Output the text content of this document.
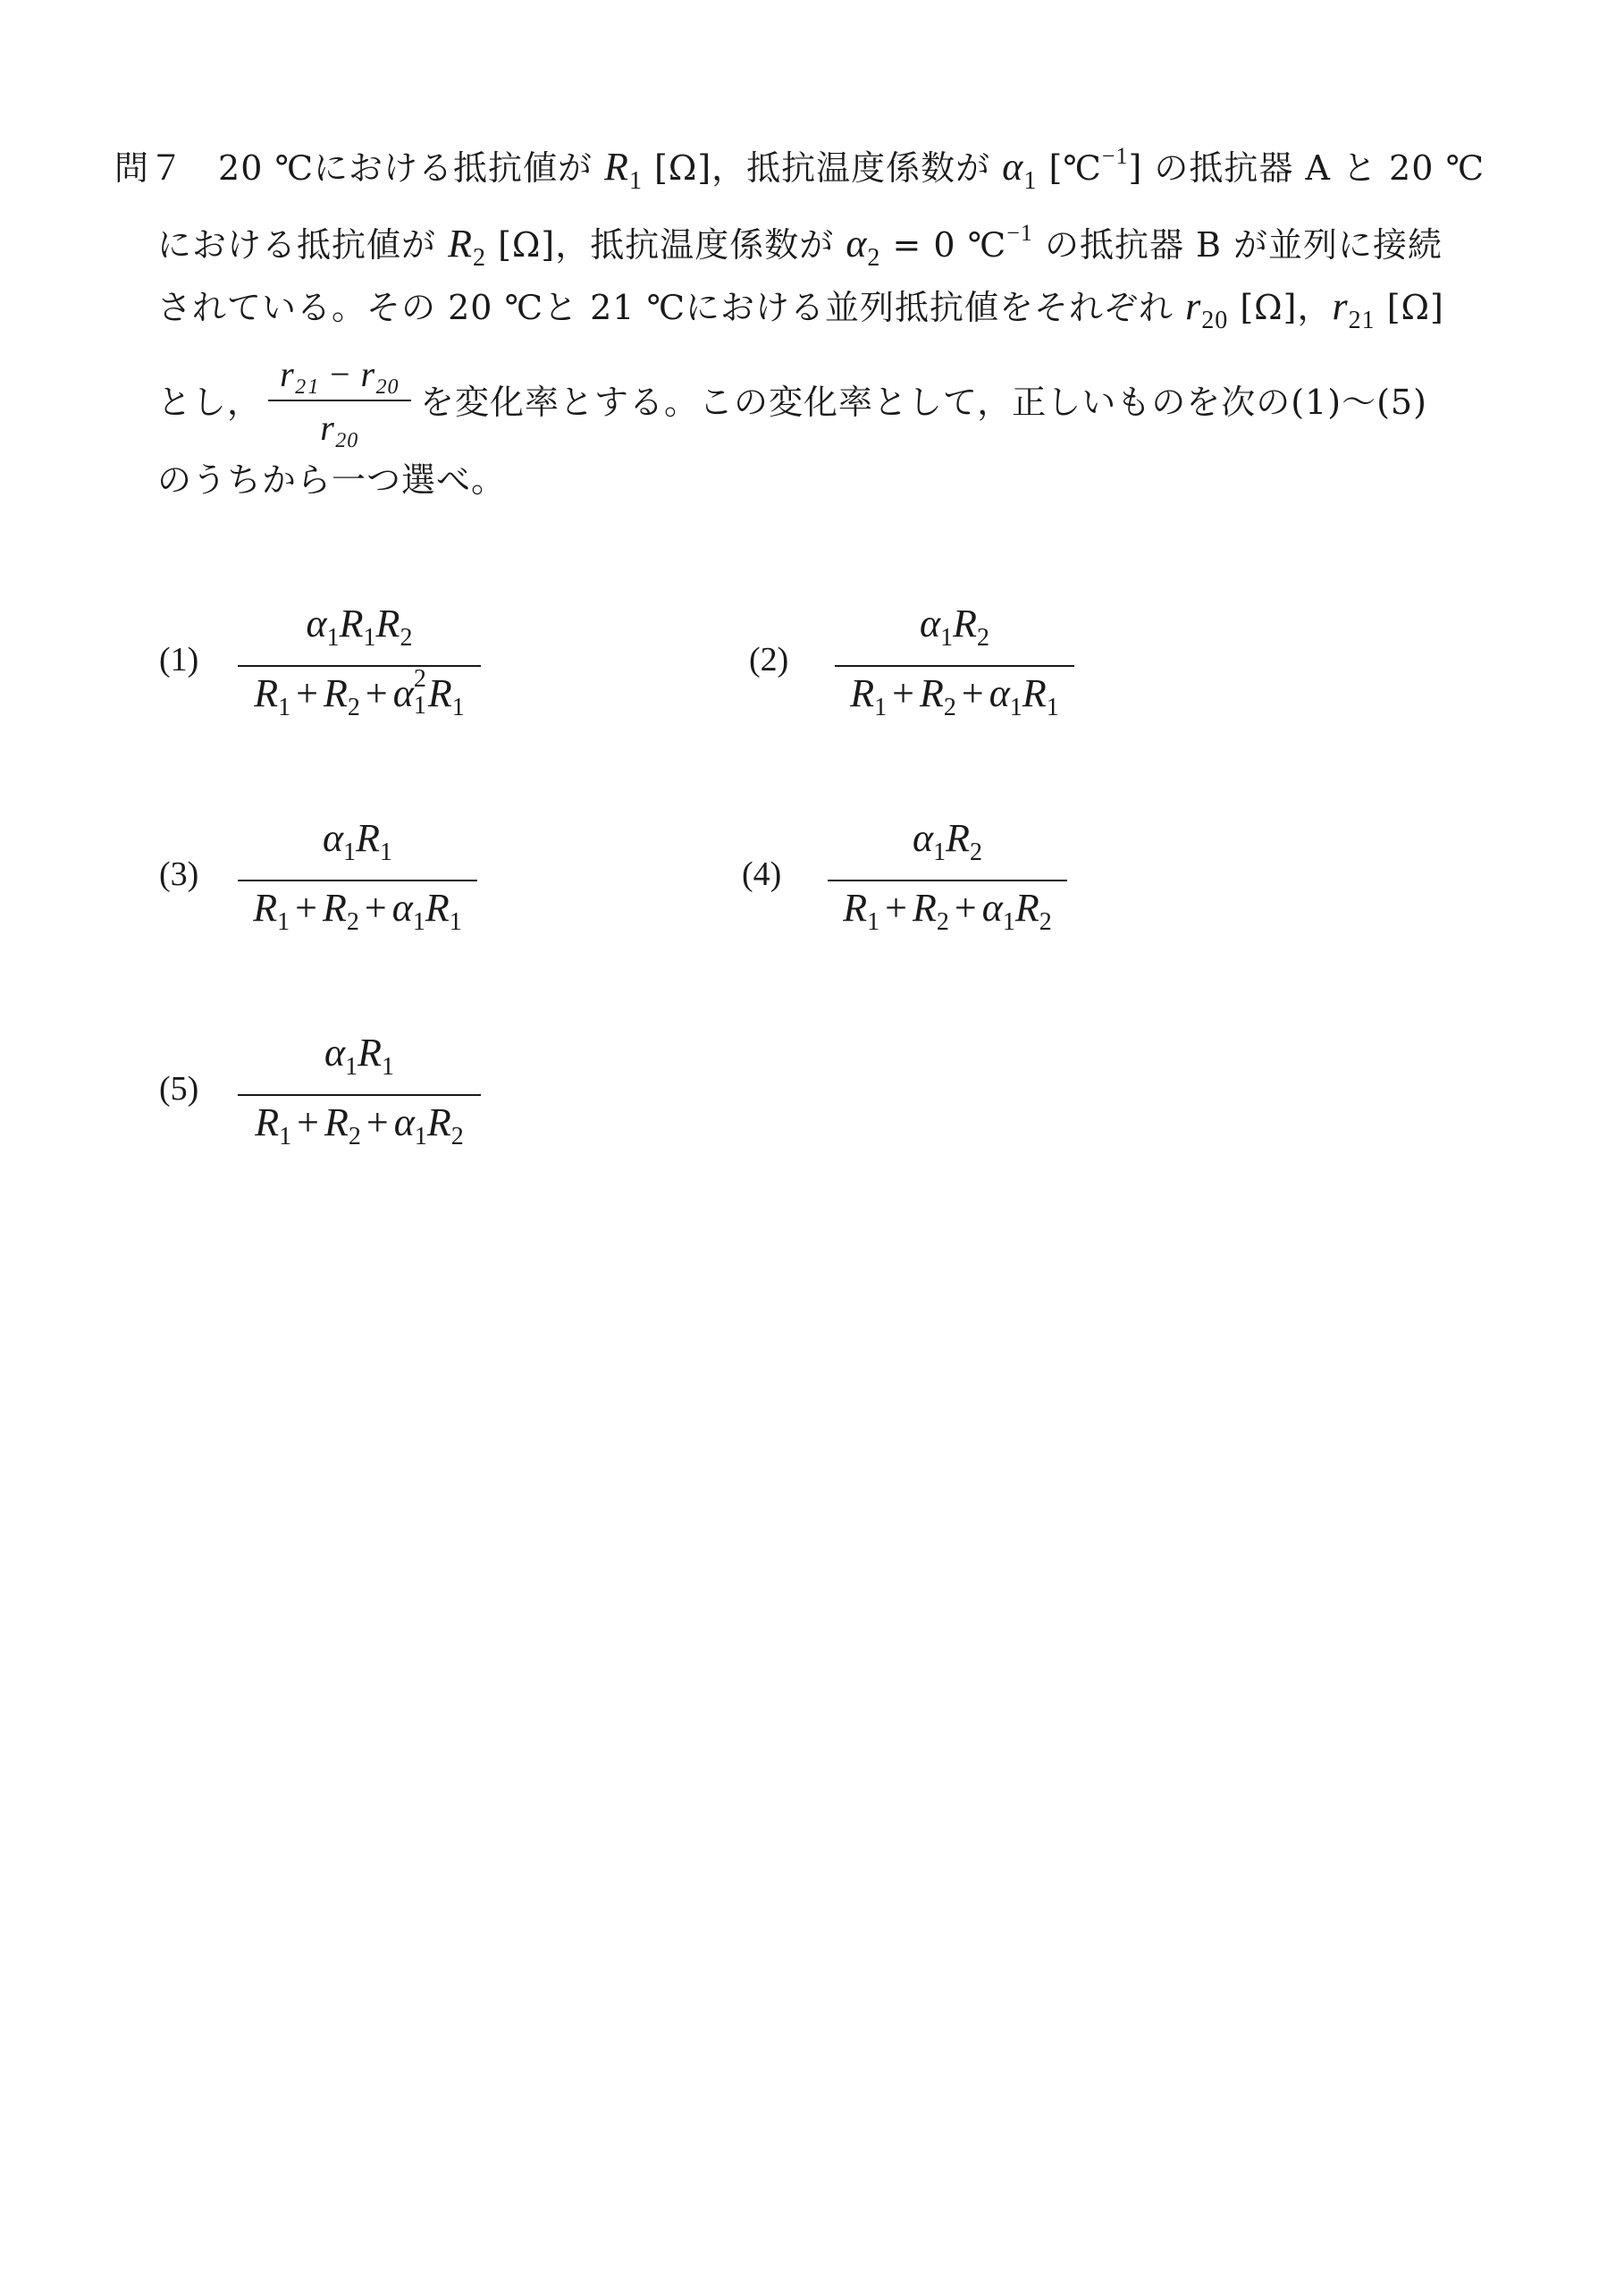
問７ 20 ℃における抵抗値が $R_1$ [Ω]，抵抗温度係数が $\alpha_1$ [℃$^{-1}$] の抵抗器 A と 20 ℃
における抵抗値が $R_2$ [Ω]，抵抗温度係数が $\alpha_2 = 0$ ℃$^{-1}$ の抵抗器 B が並列に接続
されている。その 20 ℃と 21 ℃における並列抵抗値をそれぞれ $r_{20}$ [Ω]，$r_{21}$ [Ω]
とし，
r₂₁ − r₂₀
r₂₀
を変化率とする。この変化率として，正しいものを次の(1)～(5)
のうちから一つ選べ。
(1)
$\alpha_1R_1R_2$
$R_1 + R_2 + \alpha$ 2
1 $R_1$
(2)
$\alpha_1R_2$
$R_1 + R_2 + \alpha_1R_1$
(3)
$\alpha_1R_1$
$R_1 + R_2 + \alpha_1R_1$
(4)
$\alpha_1R_2$
$R_1 + R_2 + \alpha_1R_2$
(5)
$\alpha_1R_1$
$R_1 + R_2 + \alpha_1R_2$
